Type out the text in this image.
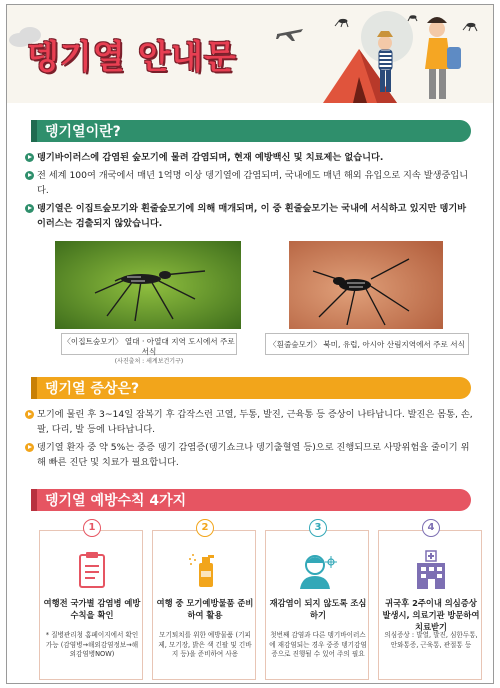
뎅기열 안내문
뎅기열이란?
뎅기바이러스에 감염된 숲모기에 물려 감염되며, 현재 예방백신 및 치료제는 없습니다.
전 세계 100여 개국에서 매년 1억명 이상 뎅기열에 감염되며, 국내에도 매년 해외 유입으로 지속 발생중입니다.
뎅기열은 이집트숲모기와 흰줄숲모기에 의해 매개되며, 이 중 흰줄숲모기는 국내에 서식하고 있지만 뎅기바이러스는 검출되지 않았습니다.
〈이집트숲모기〉 열대 · 아열대 지역 도시에서 주로 서식
(사진출처 : 세계보건기구)
〈흰줄숲모기〉 북미, 유럽, 아시아 산림지역에서 주로 서식
뎅기열 증상은?
모기에 물린 후 3~14일 잠복기 후 갑작스런 고열, 두통, 발진, 근육통 등 증상이 나타납니다. 발진은 몸통, 손, 팔, 다리, 발 등에 나타납니다.
뎅기열 환자 중 약 5%는 중증 뎅기 감염증(뎅기쇼크나 뎅기출혈열 등)으로 진행되므로 사망위험을 줄이기 위해 빠른 진단 및 치료가 필요합니다.
뎅기열 예방수칙 4가지
여행전 국가별 감염병 예방수칙을 확인
* 질병관리청 홈페이지에서 확인 가능 (감염병→해외감염정보→해외감염병NOW)
1
여행 중 모기예방물품 준비하여 활용
모기퇴치를 위한 예방물품 (기피제, 모기장, 밝은 색 긴팔 및 긴바지 등)을 준비하여 사용
2
재감염이 되지 않도록 조심하기
첫번째 감염과 다른 뎅기바이러스에 재감염되는 경우 중증 뎅기감염증으로 진행될 수 있어 주의 필요
3
귀국후 2주이내 의심증상 발생시, 의료기관 방문하여 치료받기
의심증상 : 발열, 발진, 심한두통, 안와통증, 근육통, 관절통 등
4
